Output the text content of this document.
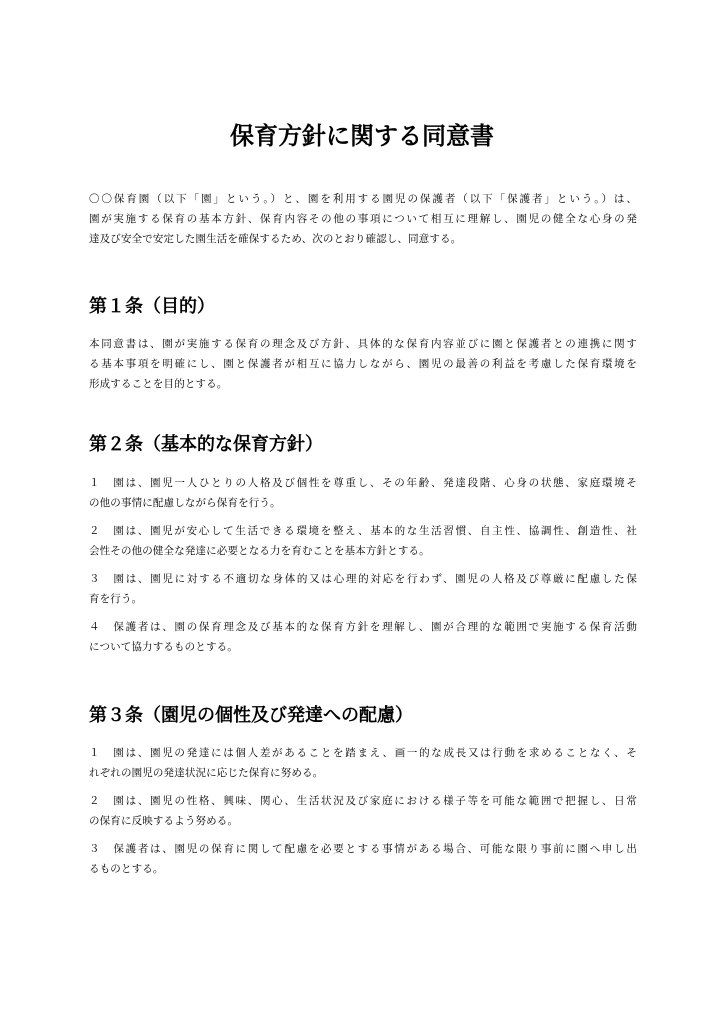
保育方針に関する同意書
〇〇保育園（以下「園」という。）と、園を利用する園児の保護者（以下「保護者」という。）は、
園が実施する保育の基本方針、保育内容その他の事項について相互に理解し、園児の健全な心身の発
達及び安全で安定した園生活を確保するため、次のとおり確認し、同意する。
第１条（目的）
本同意書は、園が実施する保育の理念及び方針、具体的な保育内容並びに園と保護者との連携に関す
る基本事項を明確にし、園と保護者が相互に協力しながら、園児の最善の利益を考慮した保育環境を
形成することを目的とする。
第２条（基本的な保育方針）
１　園は、園児一人ひとりの人格及び個性を尊重し、その年齢、発達段階、心身の状態、家庭環境そ
の他の事情に配慮しながら保育を行う。
２　園は、園児が安心して生活できる環境を整え、基本的な生活習慣、自主性、協調性、創造性、社
会性その他の健全な発達に必要となる力を育むことを基本方針とする。
３　園は、園児に対する不適切な身体的又は心理的対応を行わず、園児の人格及び尊厳に配慮した保
育を行う。
４　保護者は、園の保育理念及び基本的な保育方針を理解し、園が合理的な範囲で実施する保育活動
について協力するものとする。
第３条（園児の個性及び発達への配慮）
１　園は、園児の発達には個人差があることを踏まえ、画一的な成長又は行動を求めることなく、そ
れぞれの園児の発達状況に応じた保育に努める。
２　園は、園児の性格、興味、関心、生活状況及び家庭における様子等を可能な範囲で把握し、日常
の保育に反映するよう努める。
３　保護者は、園児の保育に関して配慮を必要とする事情がある場合、可能な限り事前に園へ申し出
るものとする。
